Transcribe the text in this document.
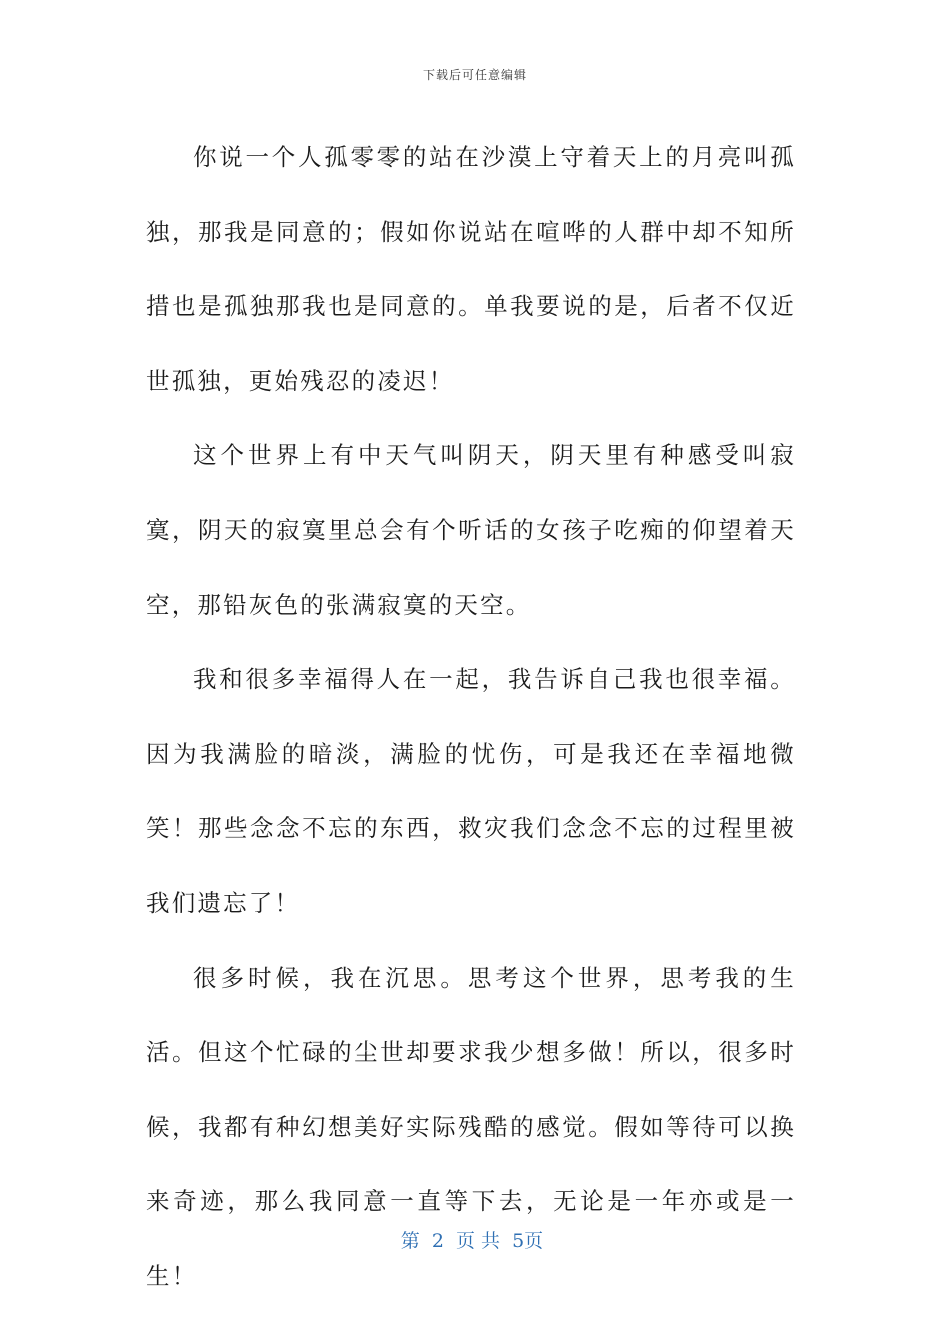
下载后可任意编辑

你说一个人孤零零的站在沙漠上守着天上的月亮叫孤独，那我是同意的；假如你说站在喧哗的人群中却不知所措也是孤独那我也是同意的。单我要说的是，后者不仅近世孤独，更始残忍的凌迟！

这个世界上有中天气叫阴天，阴天里有种感受叫寂寞，阴天的寂寞里总会有个听话的女孩子吃痴的仰望着天空，那铅灰色的张满寂寞的天空。

我和很多幸福得人在一起，我告诉自己我也很幸福。因为我满脸的暗淡，满脸的忧伤，可是我还在幸福地微笑！那些念念不忘的东西，救灾我们念念不忘的过程里被我们遗忘了！

很多时候，我在沉思。思考这个世界，思考我的生活。但这个忙碌的尘世却要求我少想多做！所以，很多时候，我都有种幻想美好实际残酷的感觉。假如等待可以换来奇迹，那么我同意一直等下去，无论是一年亦或是一生！

第 2 页 共 5页
